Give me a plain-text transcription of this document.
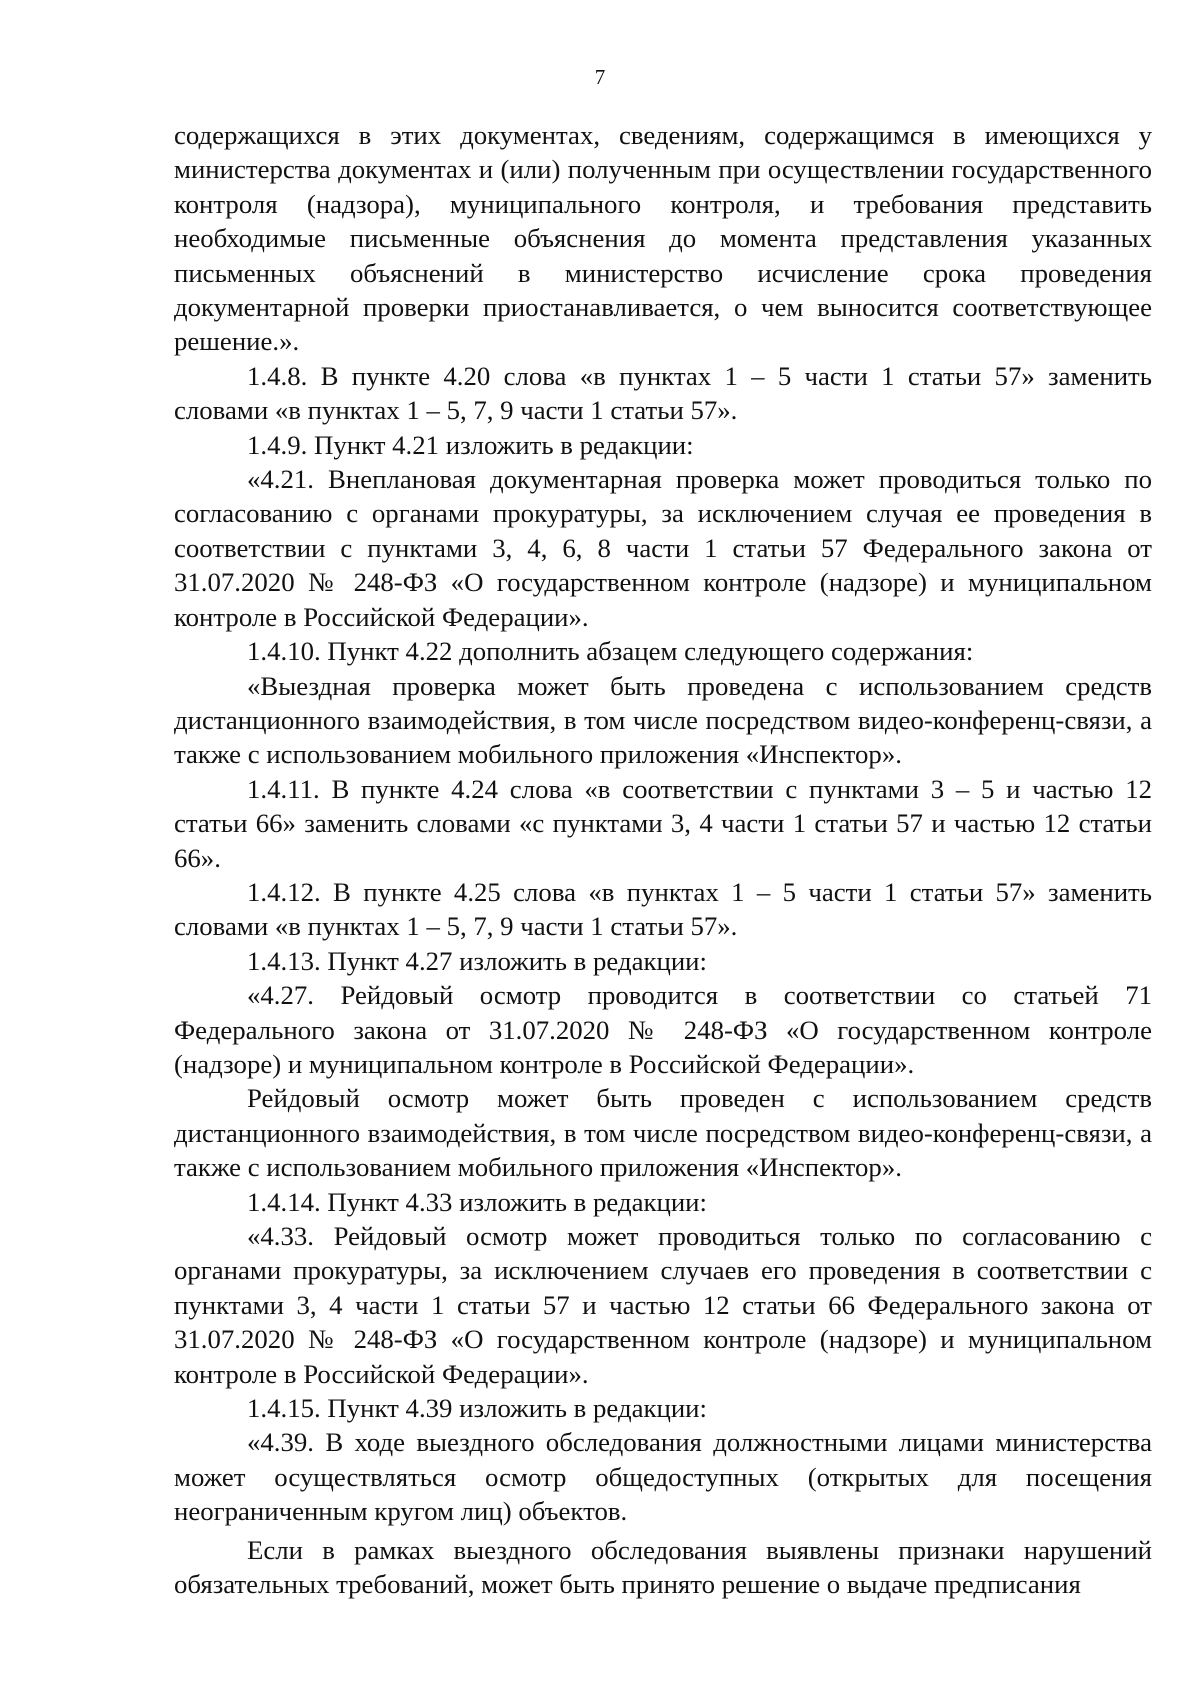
7

содержащихся в этих документах, сведениям, содержащимся в имеющихся у министерства документах и (или) полученным при осуществлении государственного контроля (надзора), муниципального контроля, и требования представить необходимые письменные объяснения до момента представления указанных письменных объяснений в министерство исчисление срока проведения документарной проверки приостанавливается, о чем выносится соответствующее решение.».

1.4.8. В пункте 4.20 слова «в пунктах 1 – 5 части 1 статьи 57» заменить словами «в пунктах 1 – 5, 7, 9 части 1 статьи 57».

1.4.9. Пункт 4.21 изложить в редакции:

«4.21. Внеплановая документарная проверка может проводиться только по согласованию с органами прокуратуры, за исключением случая ее проведения в соответствии с пунктами 3, 4, 6, 8 части 1 статьи 57 Федерального закона от 31.07.2020 № 248-ФЗ «О государственном контроле (надзоре) и муниципальном контроле в Российской Федерации».

1.4.10. Пункт 4.22 дополнить абзацем следующего содержания:

«Выездная проверка может быть проведена с использованием средств дистанционного взаимодействия, в том числе посредством видео-конференц-связи, а также с использованием мобильного приложения «Инспектор».

1.4.11. В пункте 4.24 слова «в соответствии с пунктами 3 – 5 и частью 12 статьи 66» заменить словами «с пунктами 3, 4 части 1 статьи 57 и частью 12 статьи 66».

1.4.12. В пункте 4.25 слова «в пунктах 1 – 5 части 1 статьи 57» заменить словами «в пунктах 1 – 5, 7, 9 части 1 статьи 57».

1.4.13. Пункт 4.27 изложить в редакции:

«4.27. Рейдовый осмотр проводится в соответствии со статьей 71 Федерального закона от 31.07.2020 № 248-ФЗ «О государственном контроле (надзоре) и муниципальном контроле в Российской Федерации».

Рейдовый осмотр может быть проведен с использованием средств дистанционного взаимодействия, в том числе посредством видео-конференц-связи, а также с использованием мобильного приложения «Инспектор».

1.4.14. Пункт 4.33 изложить в редакции:

«4.33. Рейдовый осмотр может проводиться только по согласованию с органами прокуратуры, за исключением случаев его проведения в соответствии с пунктами 3, 4 части 1 статьи 57 и частью 12 статьи 66 Федерального закона от 31.07.2020 № 248-ФЗ «О государственном контроле (надзоре) и муниципальном контроле в Российской Федерации».

1.4.15. Пункт 4.39 изложить в редакции:

«4.39. В ходе выездного обследования должностными лицами министерства может осуществляться осмотр общедоступных (открытых для посещения неограниченным кругом лиц) объектов.

Если в рамках выездного обследования выявлены признаки нарушений обязательных требований, может быть принято решение о выдаче предписания
